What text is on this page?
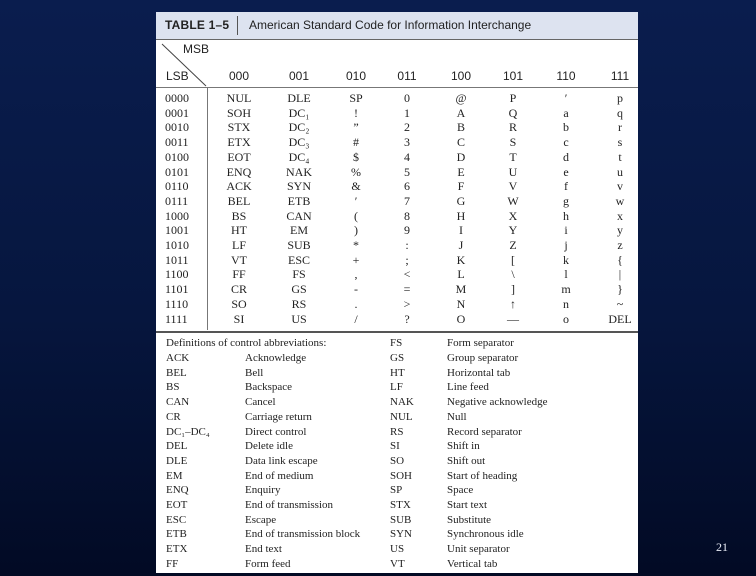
TABLE 1–5 American Standard Code for Information Interchange
MSB
LSB	000	001	010	011	100	101	110	111
0000	NUL	DLE	SP	0	@	P	′	p
0001	SOH	DC₁	!	1	A	Q	a	q
0010	STX	DC₂	”	2	B	R	b	r
0011	ETX	DC₃	#	3	C	S	c	s
0100	EOT	DC₄	$	4	D	T	d	t
0101	ENQ	NAK	%	5	E	U	e	u
0110	ACK	SYN	&	6	F	V	f	v
0111	BEL	ETB	′	7	G	W	g	w
1000	BS	CAN	(	8	H	X	h	x
1001	HT	EM	)	9	I	Y	i	y
1010	LF	SUB	*	:	J	Z	j	z
1011	VT	ESC	+	;	K	[	k	{
1100	FF	FS	,	<	L	\	l	|
1101	CR	GS	-	=	M	]	m	}
1110	SO	RS	.	>	N	↑	n	~
1111	SI	US	/	?	O	—	o	DEL
Definitions of control abbreviations:
ACK	Acknowledge
BEL	Bell
BS	Backspace
CAN	Cancel
CR	Carriage return
DC₁–DC₄	Direct control
DEL	Delete idle
DLE	Data link escape
EM	End of medium
ENQ	Enquiry
EOT	End of transmission
ESC	Escape
ETB	End of transmission block
ETX	End text
FF	Form feed
FS	Form separator
GS	Group separator
HT	Horizontal tab
LF	Line feed
NAK	Negative acknowledge
NUL	Null
RS	Record separator
SI	Shift in
SO	Shift out
SOH	Start of heading
SP	Space
STX	Start text
SUB	Substitute
SYN	Synchronous idle
US	Unit separator
VT	Vertical tab
21
